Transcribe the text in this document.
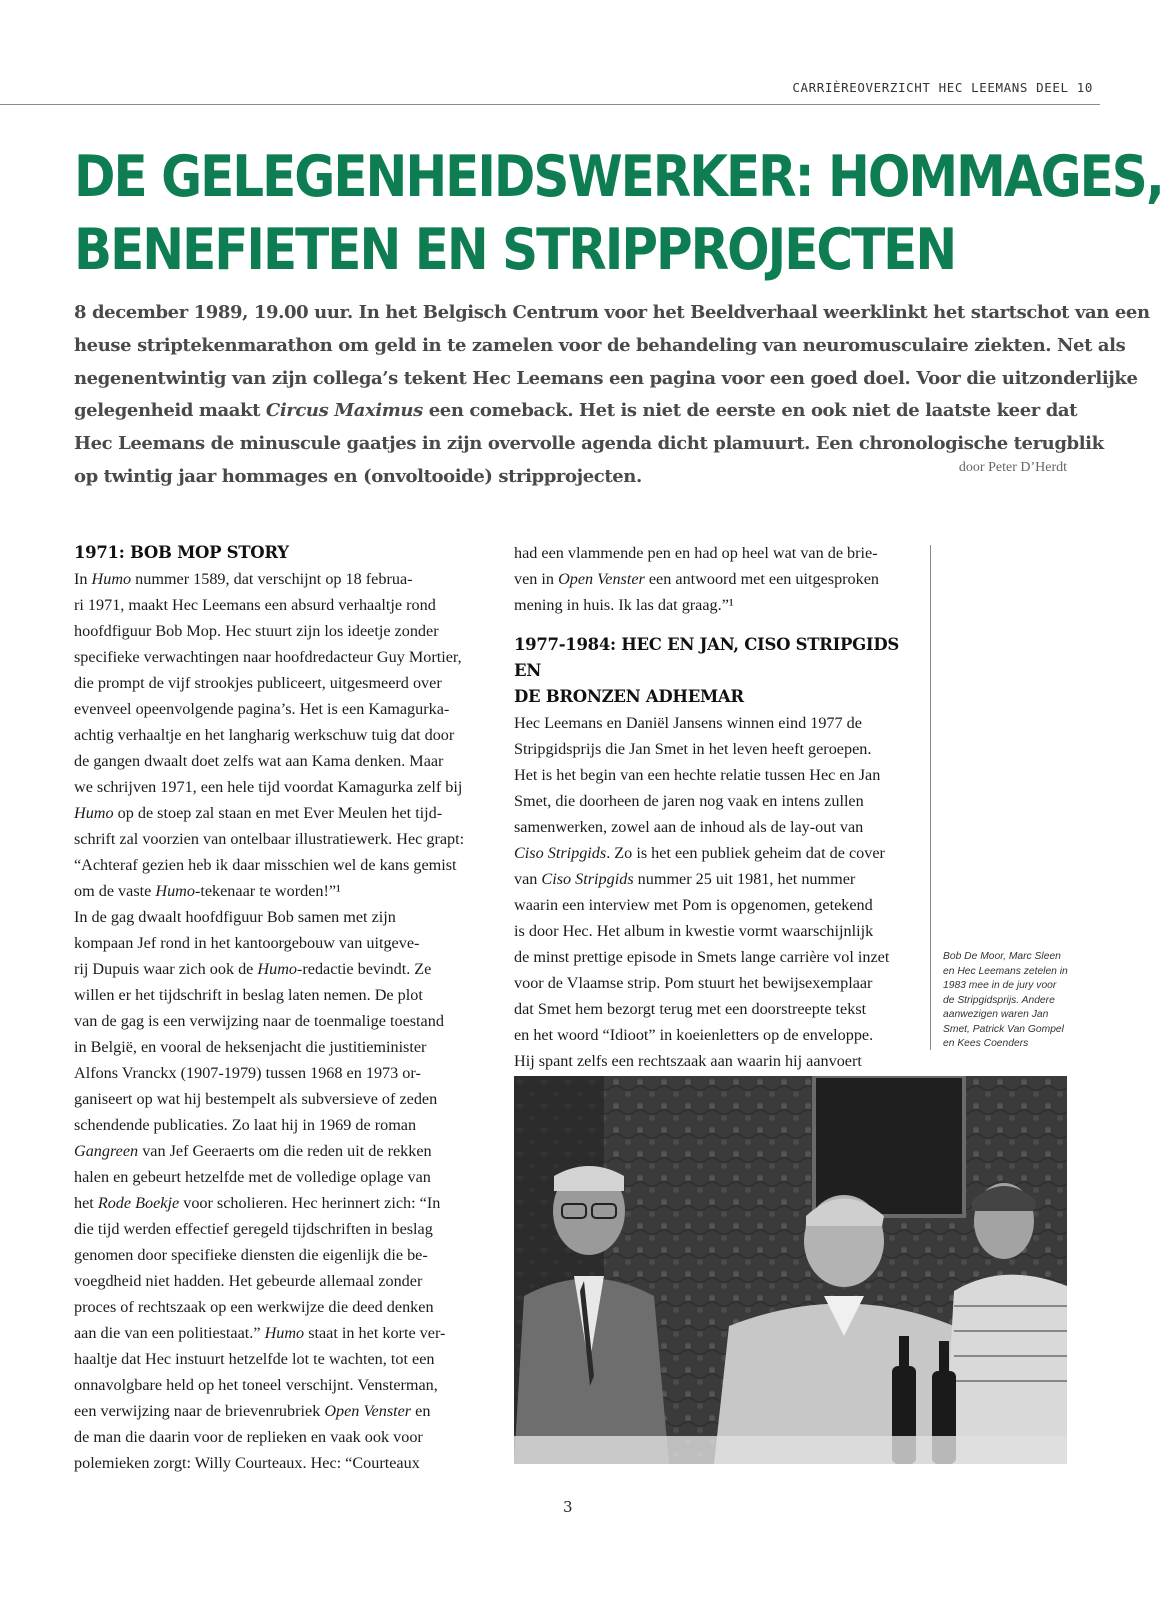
CARRIÈREOVERZICHT HEC LEEMANS DEEL 10
DE GELEGENHEIDSWERKER: HOMMAGES,
BENEFIETEN EN STRIPPROJECTEN
8 december 1989, 19.00 uur. In het Belgisch Centrum voor het Beeldverhaal weerklinkt het startschot van een
heuse striptekenmarathon om geld in te zamelen voor de behandeling van neuromusculaire ziekten. Net als
negenentwintig van zijn collega’s tekent Hec Leemans een pagina voor een goed doel. Voor die uitzonderlijke
gelegenheid maakt Circus Maximus een comeback. Het is niet de eerste en ook niet de laatste keer dat
Hec Leemans de minuscule gaatjes in zijn overvolle agenda dicht plamuurt. Een chronologische terugblik
op twintig jaar hommages en (onvoltooide) stripprojecten.	door Peter D’Herdt
1971: BOB MOP STORY
In Humo nummer 1589, dat verschijnt op 18 februa-
ri 1971, maakt Hec Leemans een absurd verhaaltje rond
hoofdfiguur Bob Mop. Hec stuurt zijn los ideetje zonder
specifieke verwachtingen naar hoofdredacteur Guy Mortier,
die prompt de vijf strookjes publiceert, uitgesmeerd over
evenveel opeenvolgende pagina’s. Het is een Kamagurka-
achtig verhaaltje en het langharig werkschuw tuig dat door
de gangen dwaalt doet zelfs wat aan Kama denken. Maar
we schrijven 1971, een hele tijd voordat Kamagurka zelf bij
Humo op de stoep zal staan en met Ever Meulen het tijd-
schrift zal voorzien van ontelbaar illustratiewerk. Hec grapt:
“Achteraf gezien heb ik daar misschien wel de kans gemist
om de vaste Humo-tekenaar te worden!”¹
In de gag dwaalt hoofdfiguur Bob samen met zijn
kompaan Jef rond in het kantoorgebouw van uitgeve-
rij Dupuis waar zich ook de Humo-redactie bevindt. Ze
willen er het tijdschrift in beslag laten nemen. De plot
van de gag is een verwijzing naar de toenmalige toestand
in België, en vooral de heksenjacht die justitieminister
Alfons Vranckx (1907-1979) tussen 1968 en 1973 or-
ganiseert op wat hij bestempelt als subversieve of zeden
schendende publicaties. Zo laat hij in 1969 de roman
Gangreen van Jef Geeraerts om die reden uit de rekken
halen en gebeurt hetzelfde met de volledige oplage van
het Rode Boekje voor scholieren. Hec herinnert zich: “In
die tijd werden effectief geregeld tijdschriften in beslag
genomen door specifieke diensten die eigenlijk die be-
voegdheid niet hadden. Het gebeurde allemaal zonder
proces of rechtszaak op een werkwijze die deed denken
aan die van een politiestaat.” Humo staat in het korte ver-
haaltje dat Hec instuurt hetzelfde lot te wachten, tot een
onnavolgbare held op het toneel verschijnt. Vensterman,
een verwijzing naar de brievenrubriek Open Venster en
de man die daarin voor de replieken en vaak ook voor
polemieken zorgt: Willy Courteaux. Hec: “Courteaux
had een vlammende pen en had op heel wat van de brie-
ven in Open Venster een antwoord met een uitgesproken
mening in huis. Ik las dat graag.”¹
1977-1984: HEC EN JAN, CISO STRIPGIDS EN
DE BRONZEN ADHEMAR
Hec Leemans en Daniël Jansens winnen eind 1977 de
Stripgidsprijs die Jan Smet in het leven heeft geroepen.
Het is het begin van een hechte relatie tussen Hec en Jan
Smet, die doorheen de jaren nog vaak en intens zullen
samenwerken, zowel aan de inhoud als de lay-out van
Ciso Stripgids. Zo is het een publiek geheim dat de cover
van Ciso Stripgids nummer 25 uit 1981, het nummer
waarin een interview met Pom is opgenomen, getekend
is door Hec. Het album in kwestie vormt waarschijnlijk
de minst prettige episode in Smets lange carrière vol inzet
voor de Vlaamse strip. Pom stuurt het bewijsexemplaar
dat Smet hem bezorgt terug met een doorstreepte tekst
en het woord “Idioot” in koeienletters op de enveloppe.
Hij spant zelfs een rechtszaak aan waarin hij aanvoert
Bob De Moor, Marc Sleen
en Hec Leemans zetelen in
1983 mee in de jury voor
de Stripgidsprijs. Andere
aanwezigen waren Jan
Smet, Patrick Van Gompel
en Kees Coenders
3
